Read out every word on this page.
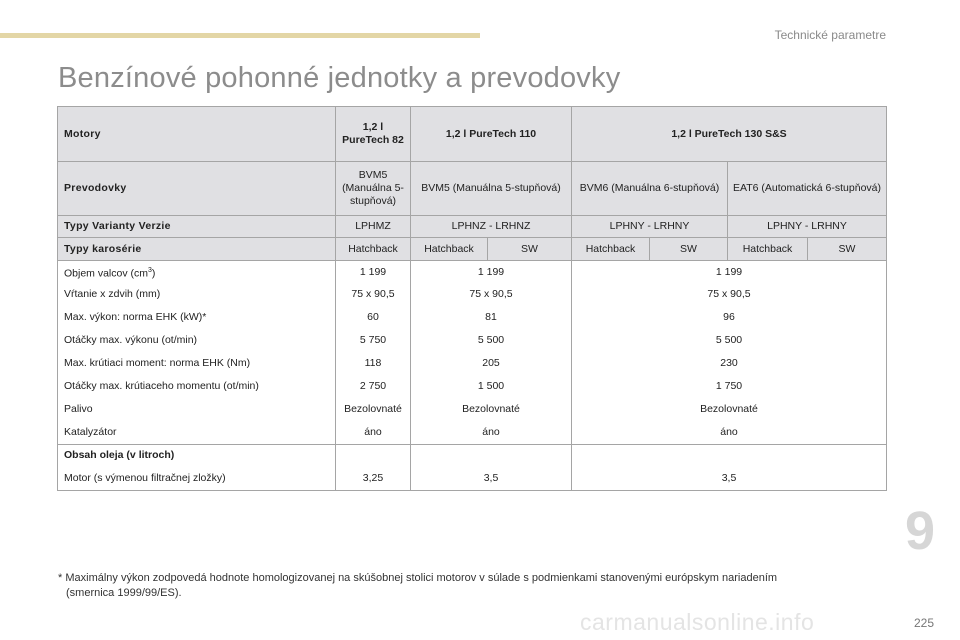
Technické parametre
Benzínové pohonné jednotky a prevodovky
Motory	1,2 l PureTech 82	1,2 l PureTech 110		1,2 l PureTech 130 S&S			
Prevodovky	BVM5 (Manuálna 5-stupňová)	BVM5 (Manuálna 5-stupňová)		BVM6 (Manuálna 6-stupňová)		EAT6 (Automatická 6-stupňová)	
Typy Varianty Verzie	LPHMZ	LPHNZ - LRHNZ		LPHNY - LRHNY		LPHNY - LRHNY	
Typy karosérie	Hatchback	Hatchback	SW	Hatchback	SW	Hatchback	SW
Objem valcov $(cm^3)$	1 199	1 199		1 199			
Vŕtanie x zdvih (mm)	75 x 90,5	75 x 90,5		75 x 90,5			
Max. výkon: norma EHK (kW)*	60	81		96			
Otáčky max. výkonu (ot/min)	5 750	5 500		5 500			
Max. krútiaci moment: norma EHK (Nm)	118	205		230			
Otáčky max. krútiaceho momentu (ot/min)	2 750	1 500		1 750			
Palivo	Bezolovnaté	Bezolovnaté		Bezolovnaté			
Katalyzátor	áno	áno		áno			
Obsah oleja (v litroch)							
Motor (s výmenou filtračnej zložky)	3,25	3,5		3,5			
9
* Maximálny výkon zodpovedá hodnote homologizovanej na skúšobnej stolici motorov v súlade s podmienkami stanovenými európskym nariadením
(smernica 1999/99/ES).
carmanualsonline.info	225
